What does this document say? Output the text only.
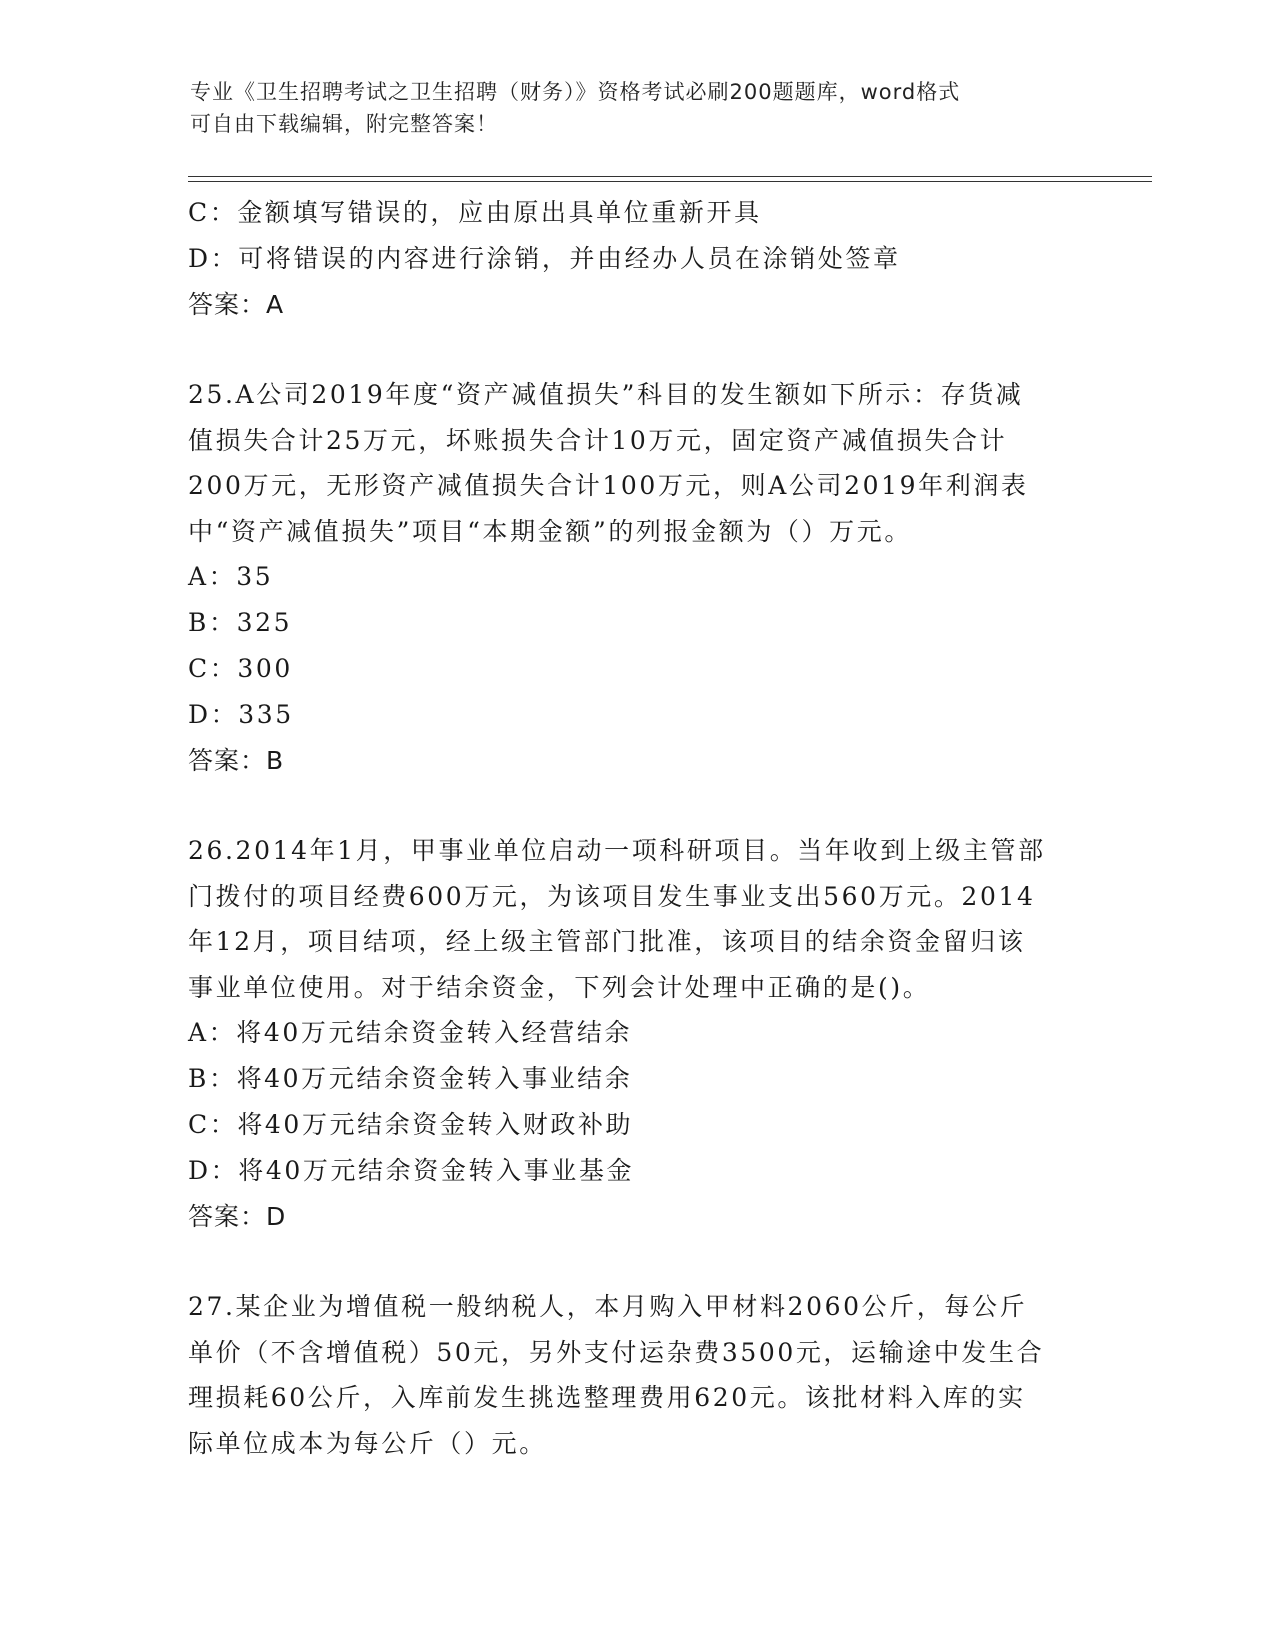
专业《卫生招聘考试之卫生招聘（财务）》资格考试必刷200题题库，word格式
可自由下载编辑，附完整答案！
C：金额填写错误的，应由原出具单位重新开具
D：可将错误的内容进行涂销，并由经办人员在涂销处签章
答案：A
25.A公司2019年度“资产减值损失”科目的发生额如下所示：存货减
值损失合计25万元，坏账损失合计10万元，固定资产减值损失合计
200万元，无形资产减值损失合计100万元，则A公司2019年利润表
中“资产减值损失”项目“本期金额”的列报金额为（）万元。
A：35
B：325
C：300
D：335
答案：B
26.2014年1月，甲事业单位启动一项科研项目。当年收到上级主管部
门拨付的项目经费600万元，为该项目发生事业支出560万元。2014
年12月，项目结项，经上级主管部门批准，该项目的结余资金留归该
事业单位使用。对于结余资金，下列会计处理中正确的是()。
A：将40万元结余资金转入经营结余
B：将40万元结余资金转入事业结余
C：将40万元结余资金转入财政补助
D：将40万元结余资金转入事业基金
答案：D
27.某企业为增值税一般纳税人，本月购入甲材料2060公斤，每公斤
单价（不含增值税）50元，另外支付运杂费3500元，运输途中发生合
理损耗60公斤，入库前发生挑选整理费用620元。该批材料入库的实
际单位成本为每公斤（）元。
